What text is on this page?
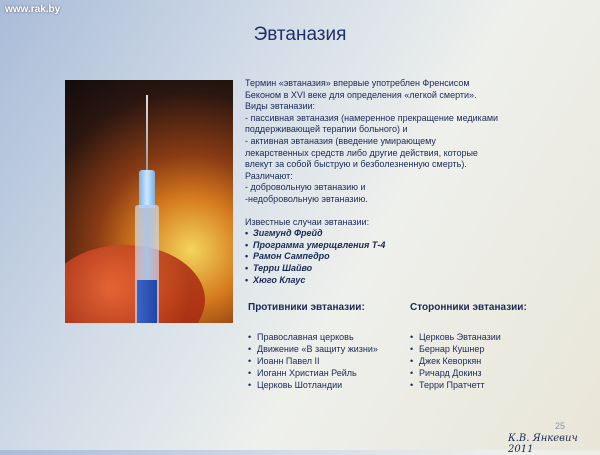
www.rak.by
Эвтаназия

Термин «эвтаназия» впервые употреблен Френсисом

Беконом в XVI веке для определения «легкой смерти».

Виды эвтаназии:

- пассивная эвтаназия (намеренное прекращение медиками

поддерживающей терапии больного) и

- активная эвтаназия (введение умирающему

лекарственных средств либо другие действия, которые

влекут за собой быструю и безболезненную смерть).

Различают:

- добровольную эвтаназию и

-недобровольную эвтаназию.

Известные случаи эвтаназии:

• Зигмунд Фрейд
• Программа умерщвления Т-4
• Рамон Сампедро
• Терри Шайво
• Хюго Клаус
Противники эвтаназии:
• Православная церковь
• Движение «В защиту жизни»
• Иоанн Павел II
• Иоганн Христиан Рейль
• Церковь Шотландии
Сторонники эвтаназии:
• Церковь Эвтаназии
• Бернар Кушнер
• Джек Кеворкян
• Ричард Докинз
• Терри Пратчетт
25
К.В. Янкевич 2011
